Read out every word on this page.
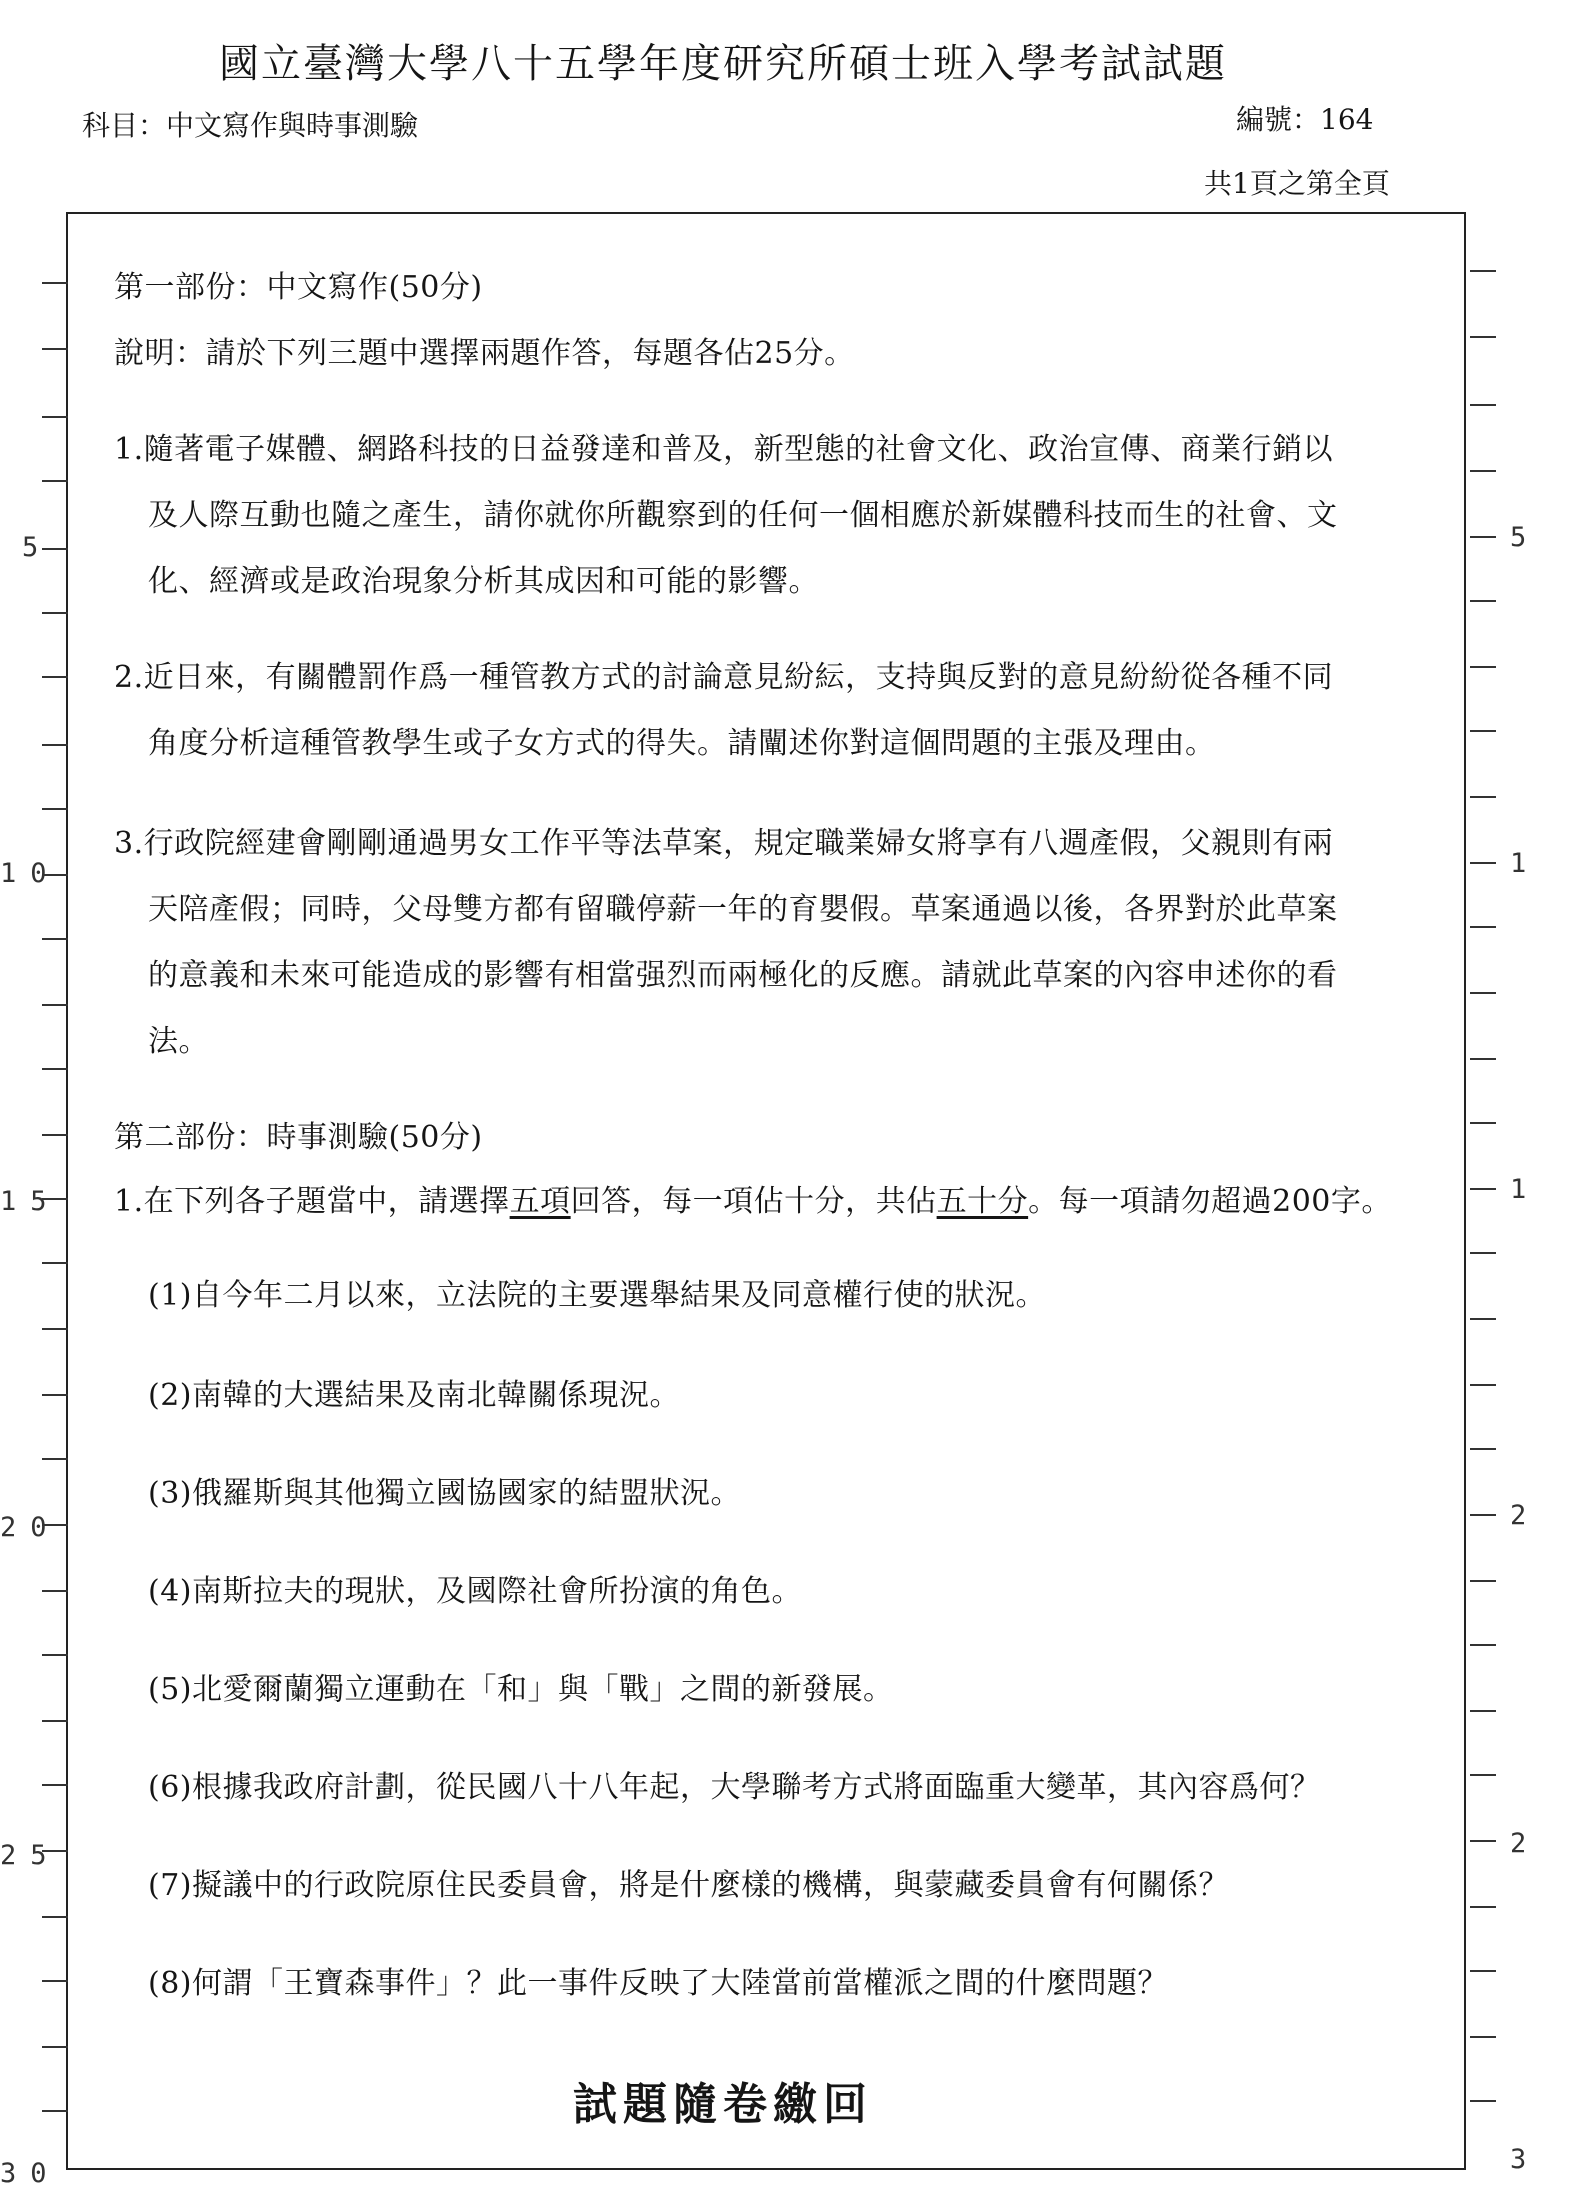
國立臺灣大學八十五學年度研究所碩士班入學考試試題
科目：中文寫作與時事測驗	編號：164
共1頁之第全頁
5
10
15
20
25
30
5
1
1
2
2
3
第一部份：中文寫作(50分)
說明：請於下列三題中選擇兩題作答，每題各佔25分。
1.隨著電子媒體、網路科技的日益發達和普及，新型態的社會文化、政治宣傳、商業行銷以
及人際互動也隨之產生，請你就你所觀察到的任何一個相應於新媒體科技而生的社會、文
化、經濟或是政治現象分析其成因和可能的影響。
2.近日來，有關體罰作爲一種管教方式的討論意見紛紜，支持與反對的意見紛紛從各種不同
角度分析這種管教學生或子女方式的得失。請闡述你對這個問題的主張及理由。
3.行政院經建會剛剛通過男女工作平等法草案，規定職業婦女將享有八週產假，父親則有兩
天陪產假；同時，父母雙方都有留職停薪一年的育嬰假。草案通過以後，各界對於此草案
的意義和未來可能造成的影響有相當强烈而兩極化的反應。請就此草案的內容申述你的看
法。
第二部份：時事測驗(50分)
1.在下列各子題當中，請選擇五項回答，每一項佔十分，共佔五十分。每一項請勿超過200字。
(1)自今年二月以來，立法院的主要選舉結果及同意權行使的狀況。
(2)南韓的大選結果及南北韓關係現況。
(3)俄羅斯與其他獨立國協國家的結盟狀況。
(4)南斯拉夫的現狀，及國際社會所扮演的角色。
(5)北愛爾蘭獨立運動在「和」與「戰」之間的新發展。
(6)根據我政府計劃，從民國八十八年起，大學聯考方式將面臨重大變革，其內容爲何？
(7)擬議中的行政院原住民委員會，將是什麼樣的機構，與蒙藏委員會有何關係？
(8)何謂「王寶森事件」？此一事件反映了大陸當前當權派之間的什麼問題？
試題隨卷繳回
